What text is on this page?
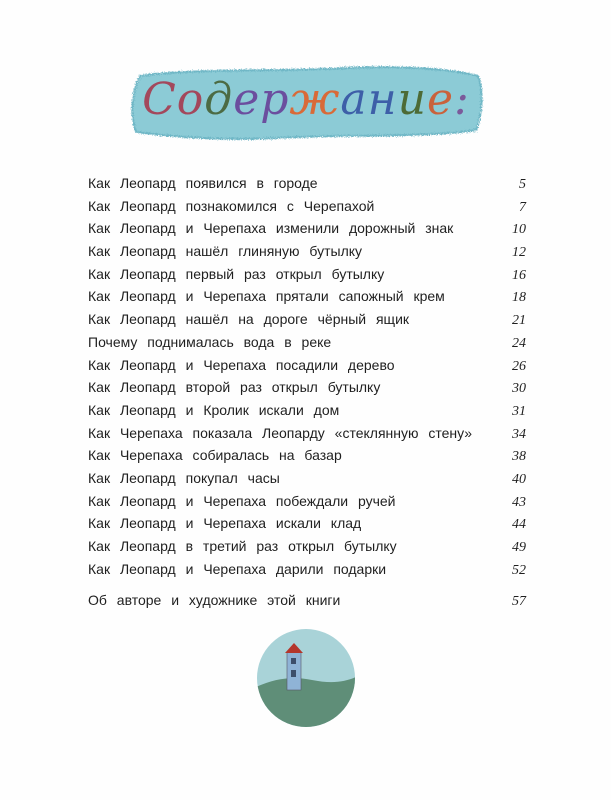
Содержание:
Как Леопард появился в городе	5
Как Леопард познакомился с Черепахой	7
Как Леопард и Черепаха изменили дорожный знак	10
Как Леопард нашёл глиняную бутылку	12
Как Леопард первый раз открыл бутылку	16
Как Леопард и Черепаха прятали сапожный крем	18
Как Леопард нашёл на дороге чёрный ящик	21
Почему поднималась вода в реке	24
Как Леопард и Черепаха посадили дерево	26
Как Леопард второй раз открыл бутылку	30
Как Леопард и Кролик искали дом	31
Как Черепаха показала Леопарду «стеклянную стену»	34
Как Черепаха собиралась на базар	38
Как Леопард покупал часы	40
Как Леопард и Черепаха побеждали ручей	43
Как Леопард и Черепаха искали клад	44
Как Леопард в третий раз открыл бутылку	49
Как Леопард и Черепаха дарили подарки	52
Об авторе и художнике этой книги	57
